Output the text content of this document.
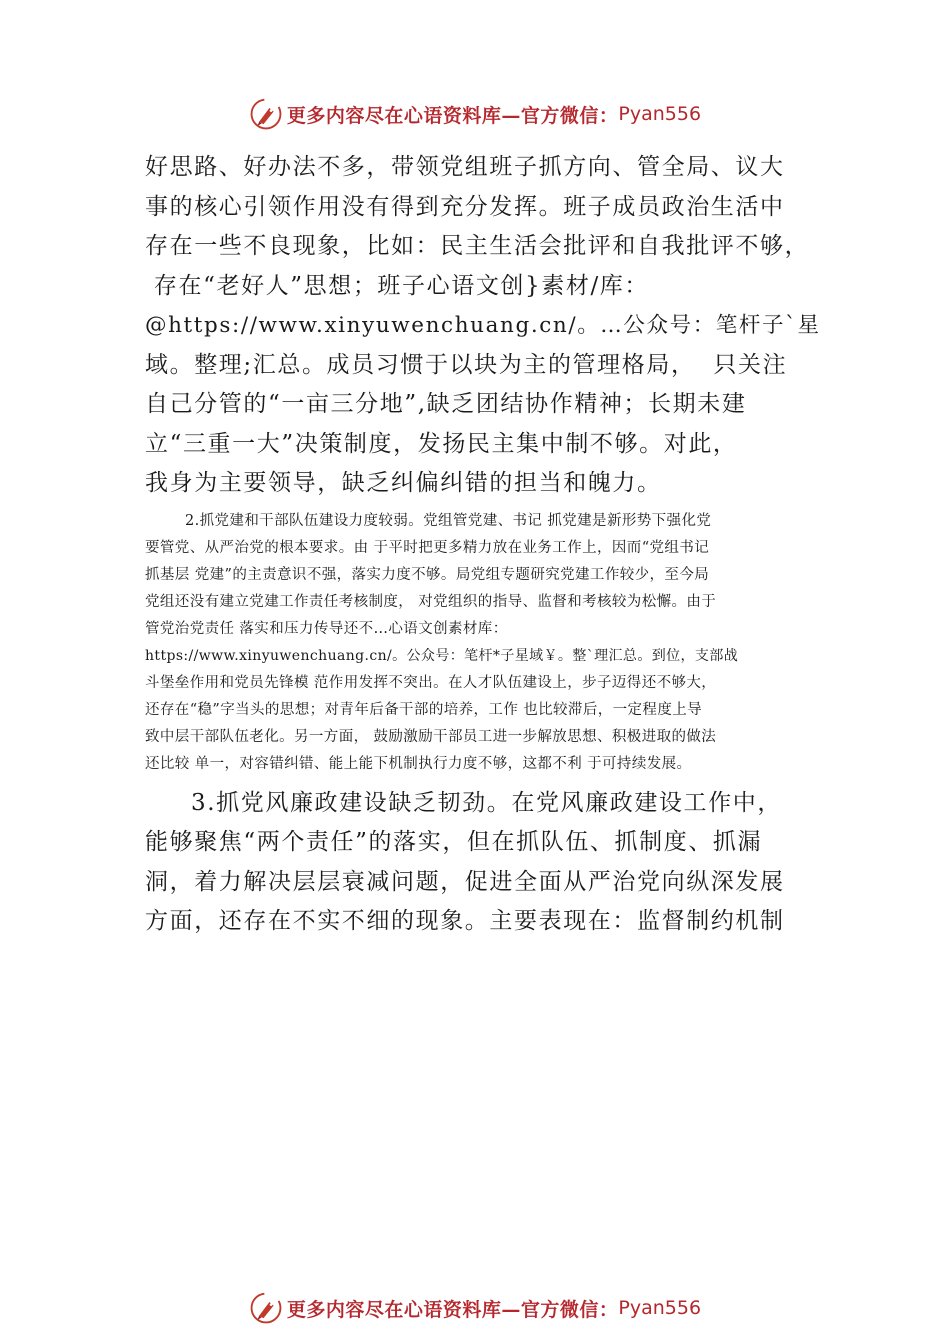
更多内容尽在心语资料库—官方微信： Pyan556
好思路、好办法不多，带领党组班子抓方向、管全局、议大
事的核心引领作用没有得到充分发挥。班子成员政治生活中
存在一些不良现象，比如：民主生活会批评和自我批评不够，
存在“老好人”思想；班子心语文创}素材/库：
@https://www.xinyuwenchuang.cn/。…公众号：笔杆子`星
域。整理;汇总。成员习惯于以块为主的管理格局，  只关注
自己分管的“一亩三分地”,缺乏团结协作精神；长期未建
立“三重一大”决策制度，发扬民主集中制不够。对此，
我身为主要领导，缺乏纠偏纠错的担当和魄力。
2.抓党建和干部队伍建设力度较弱。党组管党建、书记 抓党建是新形势下强化党
要管党、从严治党的根本要求。由 于平时把更多精力放在业务工作上，因而“党组书记
抓基层 党建”的主责意识不强，落实力度不够。局党组专题研究党建工作较少，至今局
党组还没有建立党建工作责任考核制度， 对党组织的指导、监督和考核较为松懈。由于
管党治党责任 落实和压力传导还不…心语文创素材库：
https://www.xinyuwenchuang.cn/。公众号：笔杆*子星域￥。整`理汇总。到位，支部战
斗堡垒作用和党员先锋模 范作用发挥不突出。在人才队伍建设上，步子迈得还不够大，
还存在“稳”字当头的思想；对青年后备干部的培养，工作 也比较滞后，一定程度上导
致中层干部队伍老化。另一方面， 鼓励激励干部员工进一步解放思想、积极进取的做法
还比较 单一，对容错纠错、能上能下机制执行力度不够，这都不利 于可持续发展。
3.抓党风廉政建设缺乏韧劲。在党风廉政建设工作中，
能够聚焦“两个责任”的落实，但在抓队伍、抓制度、抓漏
洞，着力解决层层衰减问题，促进全面从严治党向纵深发展
方面，还存在不实不细的现象。主要表现在：监督制约机制
更多内容尽在心语资料库—官方微信： Pyan556
